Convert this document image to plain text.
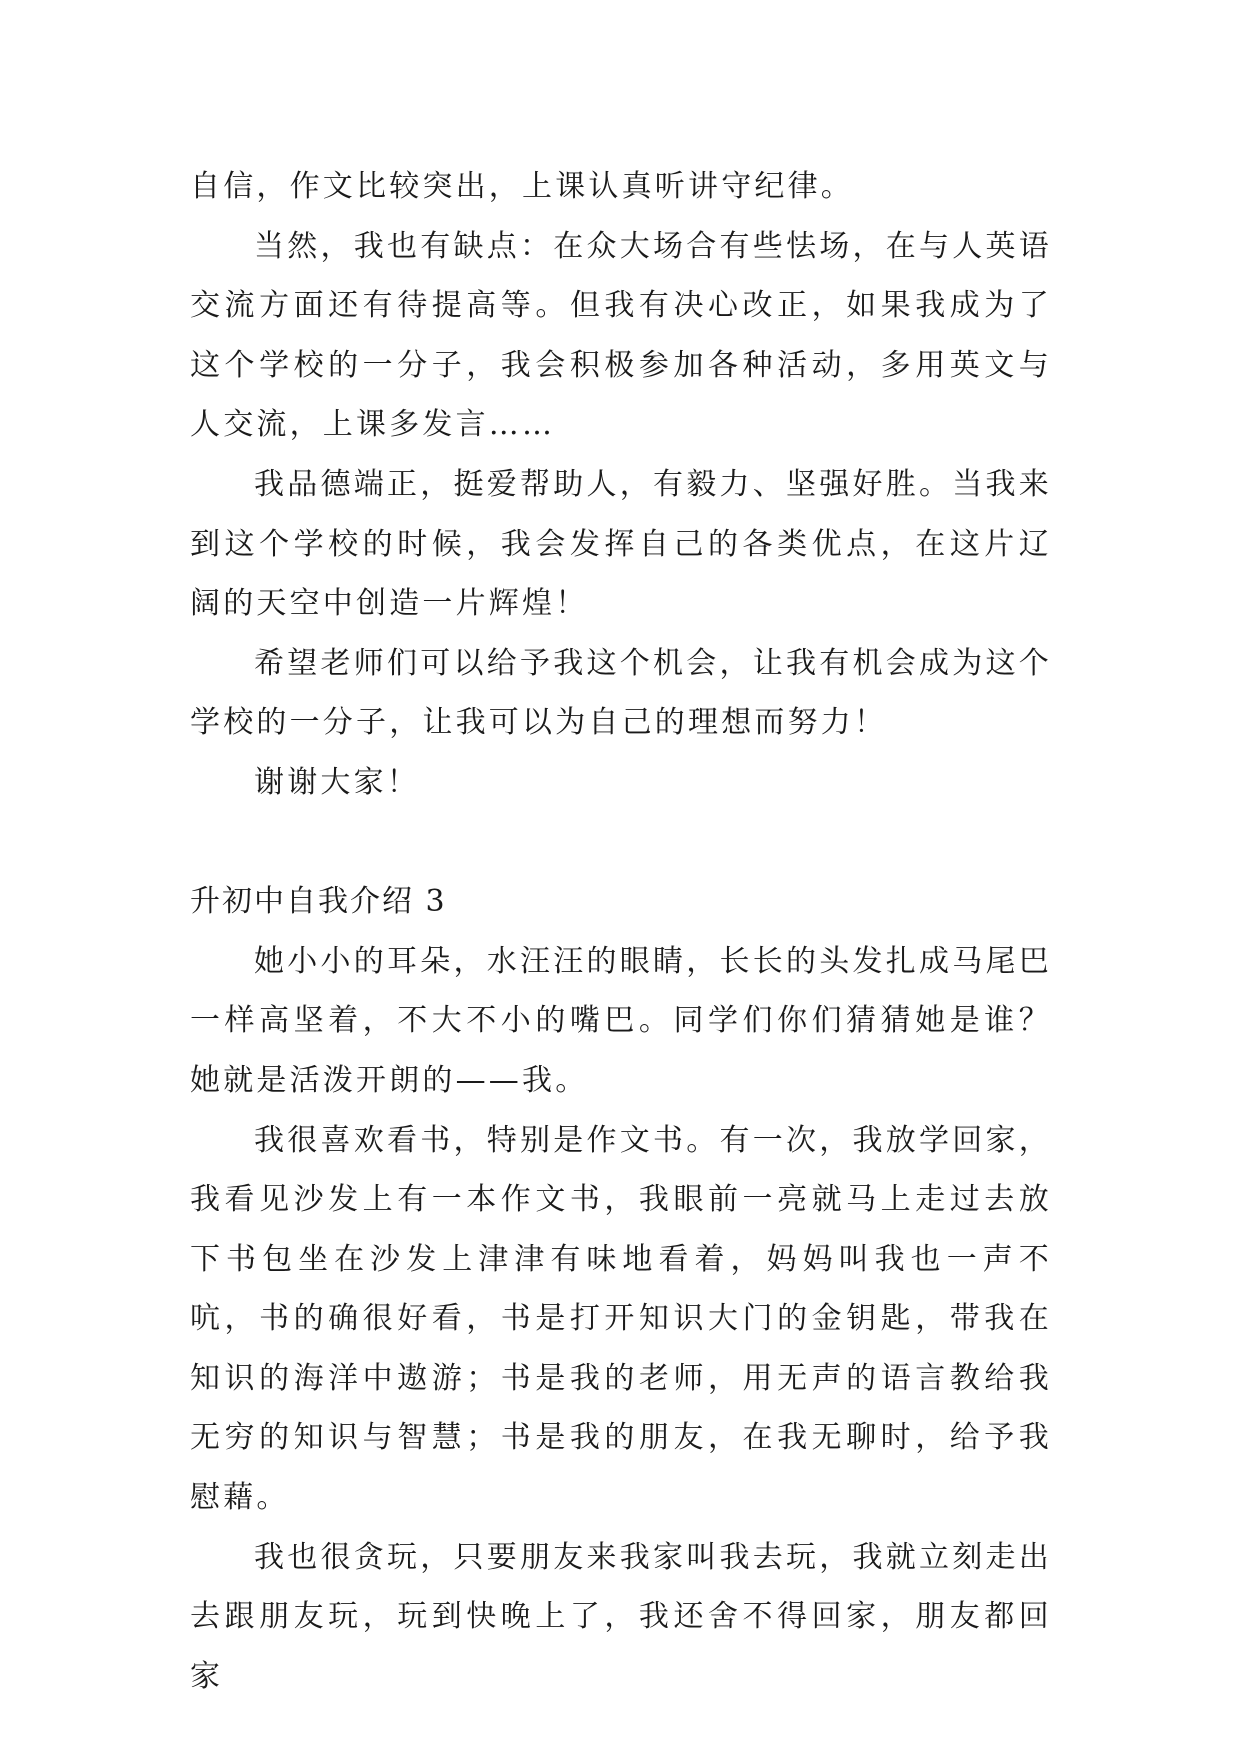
自信，作文比较突出，上课认真听讲守纪律。

当然，我也有缺点：在众大场合有些怯场，在与人英语交流方面还有待提高等。但我有决心改正，如果我成为了这个学校的一分子，我会积极参加各种活动，多用英文与人交流，上课多发言……

我品德端正，挺爱帮助人，有毅力、坚强好胜。当我来到这个学校的时候，我会发挥自己的各类优点，在这片辽阔的天空中创造一片辉煌！

希望老师们可以给予我这个机会，让我有机会成为这个学校的一分子，让我可以为自己的理想而努力！

谢谢大家！

升初中自我介绍 3

她小小的耳朵，水汪汪的眼睛，长长的头发扎成马尾巴一样高坚着，不大不小的嘴巴。同学们你们猜猜她是谁？她就是活泼开朗的——我。

我很喜欢看书，特别是作文书。有一次，我放学回家，我看见沙发上有一本作文书，我眼前一亮就马上走过去放下书包坐在沙发上津津有味地看着，妈妈叫我也一声不吭，书的确很好看，书是打开知识大门的金钥匙，带我在知识的海洋中遨游；书是我的老师，用无声的语言教给我无穷的知识与智慧；书是我的朋友，在我无聊时，给予我慰藉。

我也很贪玩，只要朋友来我家叫我去玩，我就立刻走出去跟朋友玩，玩到快晚上了，我还舍不得回家，朋友都回家
